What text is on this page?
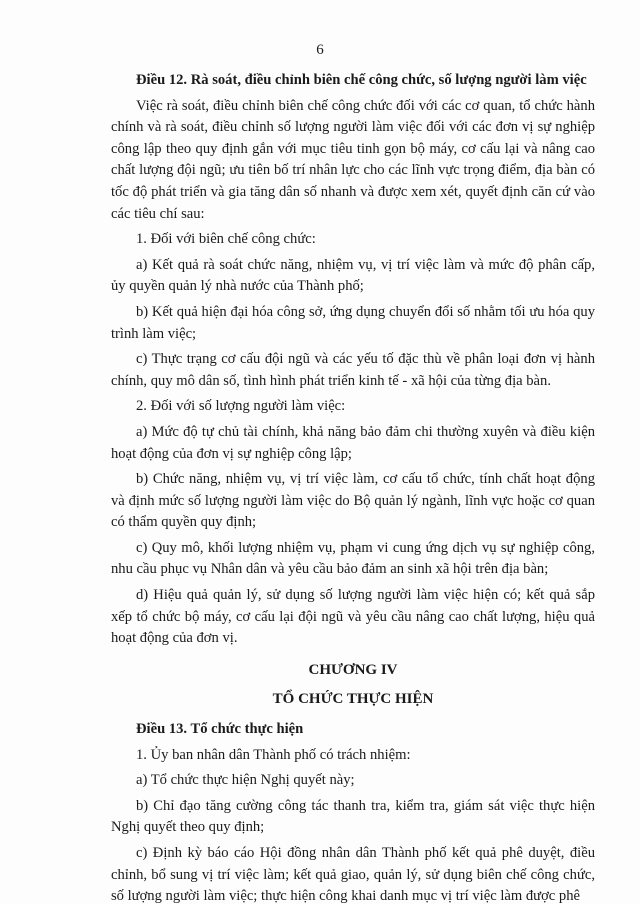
6

Điều 12. Rà soát, điều chỉnh biên chế công chức, số lượng người làm việc

Việc rà soát, điều chỉnh biên chế công chức đối với các cơ quan, tổ chức hành chính và rà soát, điều chỉnh số lượng người làm việc đối với các đơn vị sự nghiệp công lập theo quy định gắn với mục tiêu tinh gọn bộ máy, cơ cấu lại và nâng cao chất lượng đội ngũ; ưu tiên bố trí nhân lực cho các lĩnh vực trọng điểm, địa bàn có tốc độ phát triển và gia tăng dân số nhanh và được xem xét, quyết định căn cứ vào các tiêu chí sau:

1. Đối với biên chế công chức:

a) Kết quả rà soát chức năng, nhiệm vụ, vị trí việc làm và mức độ phân cấp, ủy quyền quản lý nhà nước của Thành phố;

b) Kết quả hiện đại hóa công sở, ứng dụng chuyển đổi số nhằm tối ưu hóa quy trình làm việc;

c) Thực trạng cơ cấu đội ngũ và các yếu tố đặc thù về phân loại đơn vị hành chính, quy mô dân số, tình hình phát triển kinh tế - xã hội của từng địa bàn.

2. Đối với số lượng người làm việc:

a) Mức độ tự chủ tài chính, khả năng bảo đảm chi thường xuyên và điều kiện hoạt động của đơn vị sự nghiệp công lập;

b) Chức năng, nhiệm vụ, vị trí việc làm, cơ cấu tổ chức, tính chất hoạt động và định mức số lượng người làm việc do Bộ quản lý ngành, lĩnh vực hoặc cơ quan có thẩm quyền quy định;

c) Quy mô, khối lượng nhiệm vụ, phạm vi cung ứng dịch vụ sự nghiệp công, nhu cầu phục vụ Nhân dân và yêu cầu bảo đảm an sinh xã hội trên địa bàn;

d) Hiệu quả quản lý, sử dụng số lượng người làm việc hiện có; kết quả sắp xếp tổ chức bộ máy, cơ cấu lại đội ngũ và yêu cầu nâng cao chất lượng, hiệu quả hoạt động của đơn vị.

CHƯƠNG IV

TỔ CHỨC THỰC HIỆN

Điều 13. Tổ chức thực hiện

1. Ủy ban nhân dân Thành phố có trách nhiệm:

a) Tổ chức thực hiện Nghị quyết này;

b) Chỉ đạo tăng cường công tác thanh tra, kiểm tra, giám sát việc thực hiện Nghị quyết theo quy định;

c) Định kỳ báo cáo Hội đồng nhân dân Thành phố kết quả phê duyệt, điều chỉnh, bổ sung vị trí việc làm; kết quả giao, quản lý, sử dụng biên chế công chức, số lượng người làm việc; thực hiện công khai danh mục vị trí việc làm được phê
